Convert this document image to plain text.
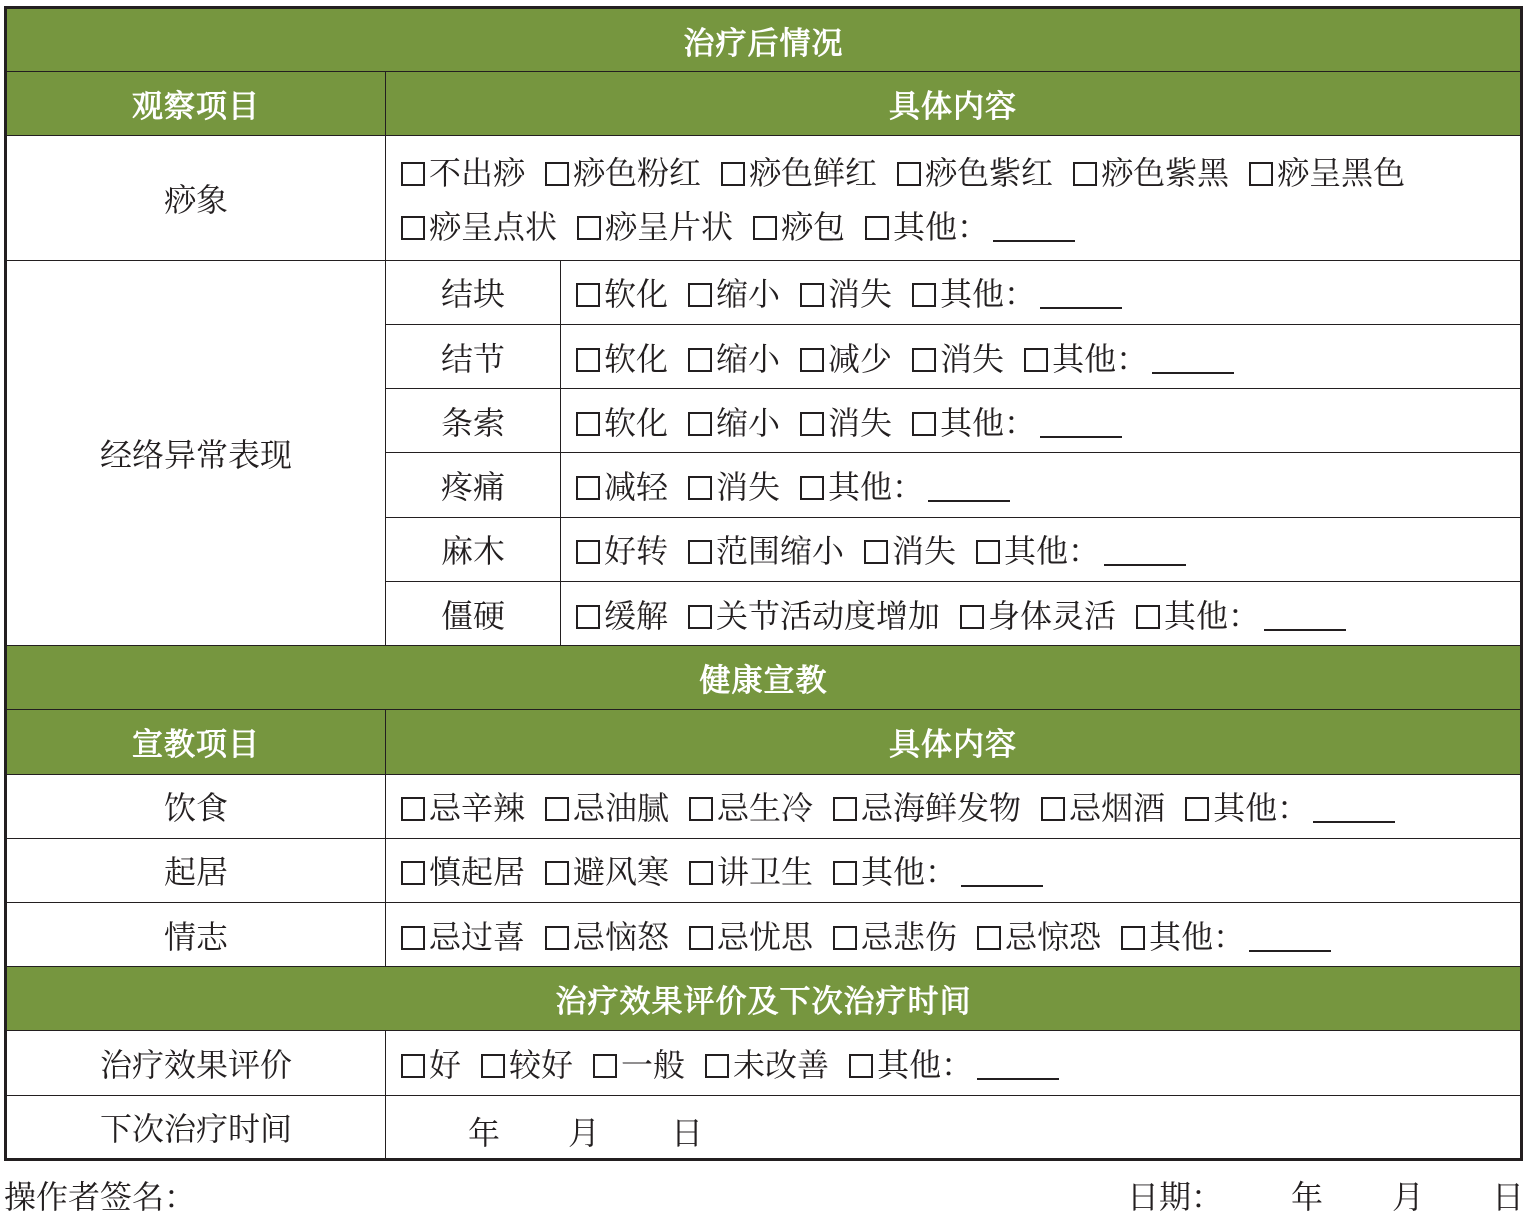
治疗后情况		
观察项目	具体内容	
痧象	不出痧 痧色粉红 痧色鲜红 痧色紫红 痧色紫黑 痧呈黑色痧呈点状 痧呈片状 痧包 其他：	
经络异常表现	结块	软化 缩小 消失 其他：
	结节	软化 缩小 减少 消失 其他：
	条索	软化 缩小 消失 其他：
	疼痛	减轻 消失 其他：
	麻木	好转 范围缩小 消失 其他：
	僵硬	缓解 关节活动度增加 身体灵活 其他：
健康宣教		
宣教项目	具体内容	
饮食	忌辛辣 忌油腻 忌生冷 忌海鲜发物 忌烟酒 其他：	
起居	慎起居 避风寒 讲卫生 其他：	
情志	忌过喜 忌恼怒 忌忧思 忌悲伤 忌惊恐 其他：	
治疗效果评价及下次治疗时间		
治疗效果评价	好 较好 一般 未改善 其他：	
下次治疗时间	年 月 日	
操作者签名：	日期： 年 月 日
